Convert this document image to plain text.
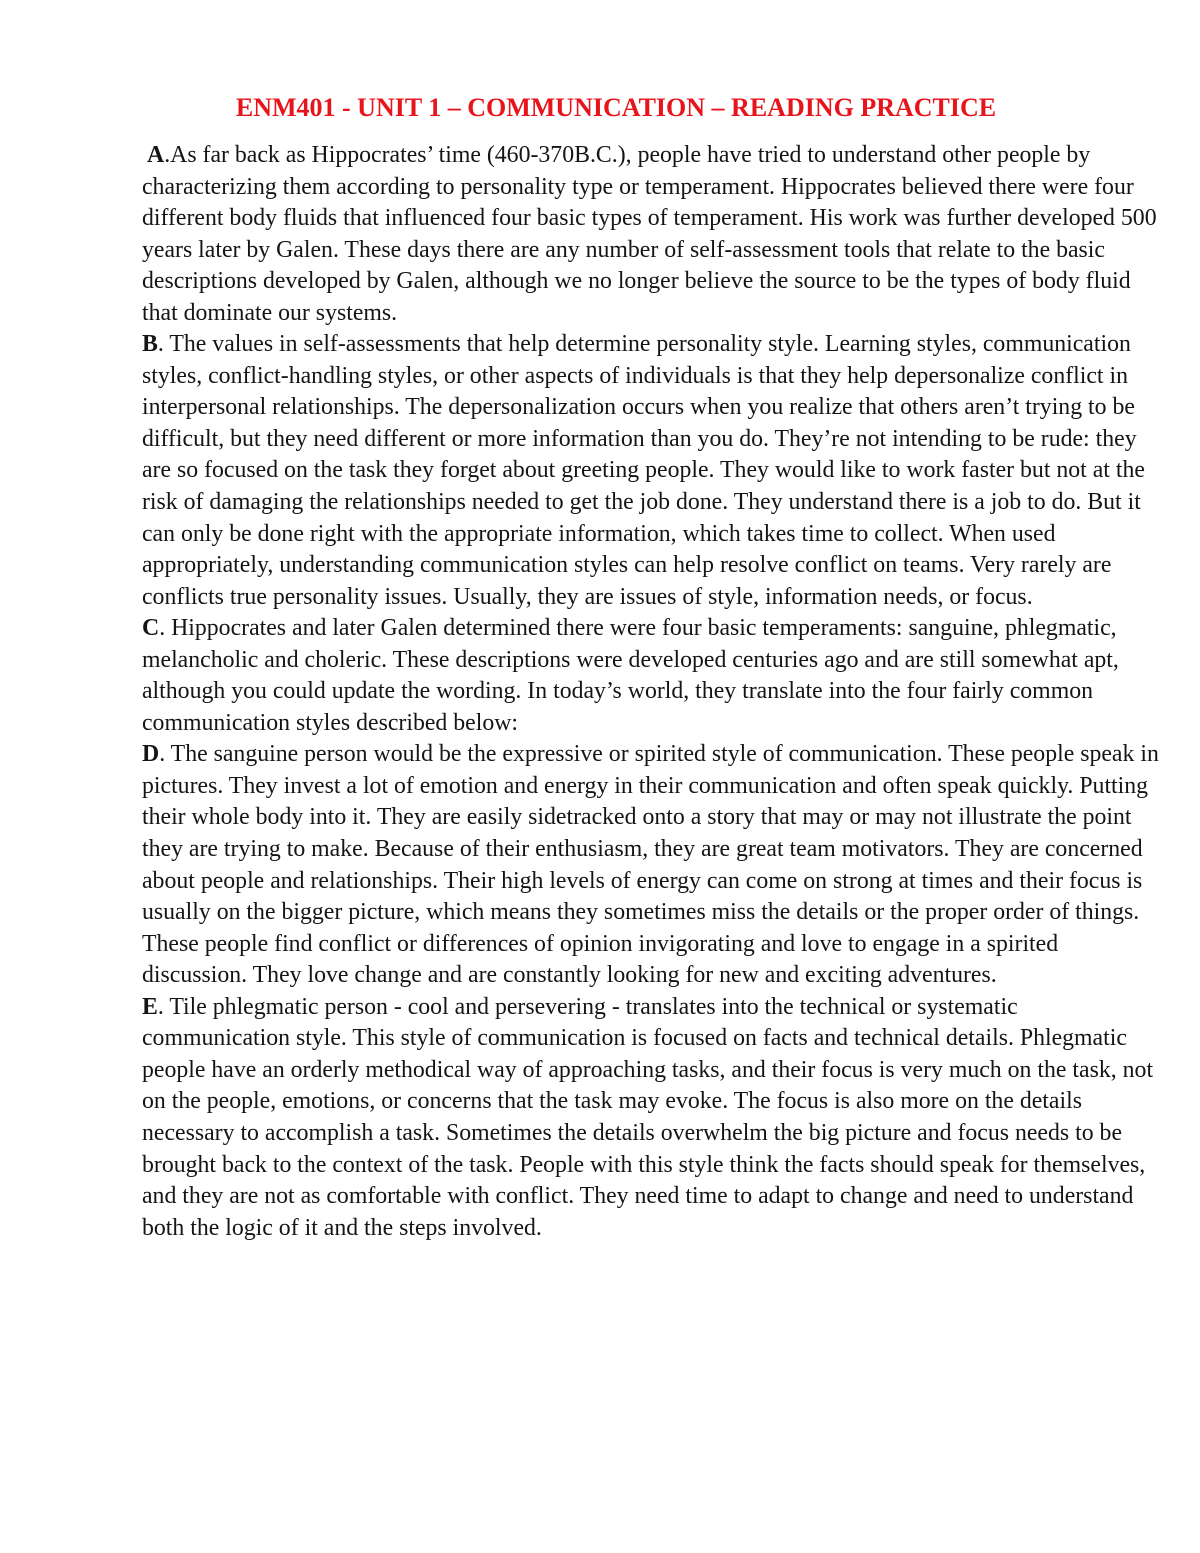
ENM401 - UNIT 1 – COMMUNICATION – READING PRACTICE

A.As far back as Hippocrates’ time (460-370B.C.), people have tried to understand other people by characterizing them according to personality type or temperament. Hippocrates believed there were four different body fluids that influenced four basic types of temperament. His work was further developed 500 years later by Galen. These days there are any number of self-assessment tools that relate to the basic descriptions developed by Galen, although we no longer believe the source to be the types of body fluid that dominate our systems.

B. The values in self-assessments that help determine personality style. Learning styles, communication styles, conflict-handling styles, or other aspects of individuals is that they help depersonalize conflict in interpersonal relationships. The depersonalization occurs when you realize that others aren’t trying to be difficult, but they need different or more information than you do. They’re not intending to be rude: they are so focused on the task they forget about greeting people. They would like to work faster but not at the risk of damaging the relationships needed to get the job done. They understand there is a job to do. But it can only be done right with the appropriate information, which takes time to collect. When used appropriately, understanding communication styles can help resolve conflict on teams. Very rarely are conflicts true personality issues. Usually, they are issues of style, information needs, or focus.

C. Hippocrates and later Galen determined there were four basic temperaments: sanguine, phlegmatic, melancholic and choleric. These descriptions were developed centuries ago and are still somewhat apt, although you could update the wording. In today’s world, they translate into the four fairly common communication styles described below:

D. The sanguine person would be the expressive or spirited style of communication. These people speak in pictures. They invest a lot of emotion and energy in their communication and often speak quickly. Putting their whole body into it. They are easily sidetracked onto a story that may or may not illustrate the point they are trying to make. Because of their enthusiasm, they are great team motivators. They are concerned about people and relationships. Their high levels of energy can come on strong at times and their focus is usually on the bigger picture, which means they sometimes miss the details or the proper order of things. These people find conflict or differences of opinion invigorating and love to engage in a spirited discussion. They love change and are constantly looking for new and exciting adventures.

E. Tile phlegmatic person - cool and persevering - translates into the technical or systematic communication style. This style of communication is focused on facts and technical details. Phlegmatic people have an orderly methodical way of approaching tasks, and their focus is very much on the task, not on the people, emotions, or concerns that the task may evoke. The focus is also more on the details necessary to accomplish a task. Sometimes the details overwhelm the big picture and focus needs to be brought back to the context of the task. People with this style think the facts should speak for themselves, and they are not as comfortable with conflict. They need time to adapt to change and need to understand both the logic of it and the steps involved.
